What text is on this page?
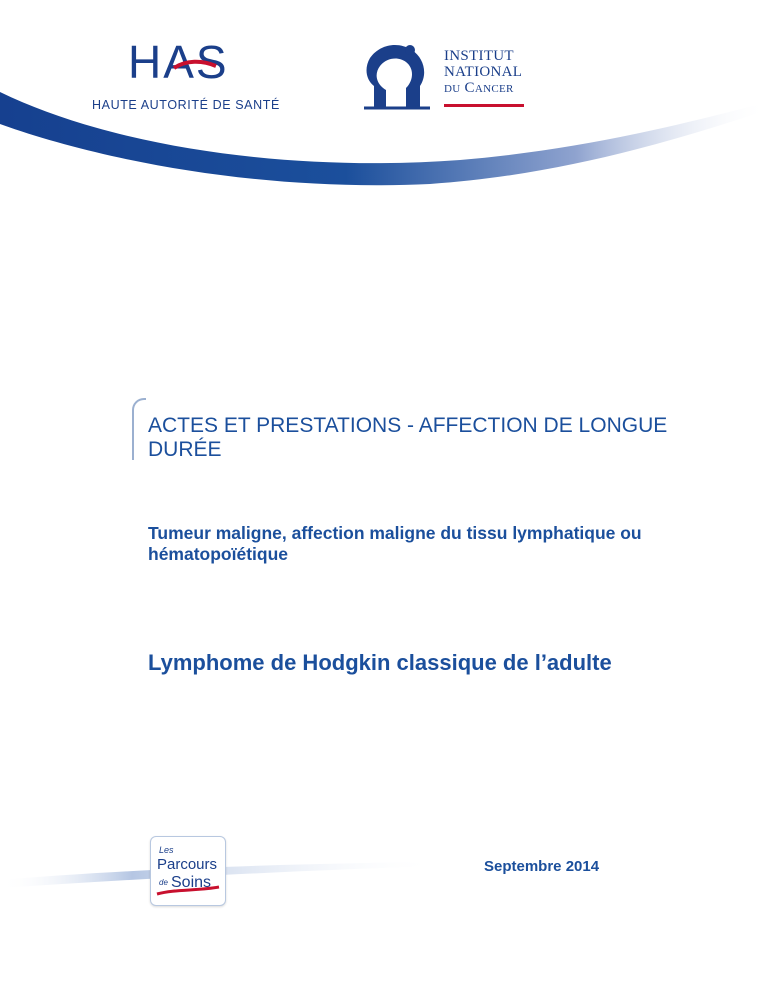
HAS
HAUTE AUTORITÉ DE SANTÉ
INSTITUT
NATIONAL
du Cancer
ACTES ET PRESTATIONS - AFFECTION DE LONGUE DURÉE
Tumeur maligne, affection maligne du tissu lymphatique ou hématopoïétique
Lymphome de Hodgkin classique de l’adulte
Les
Parcours
de Soins
Septembre 2014
